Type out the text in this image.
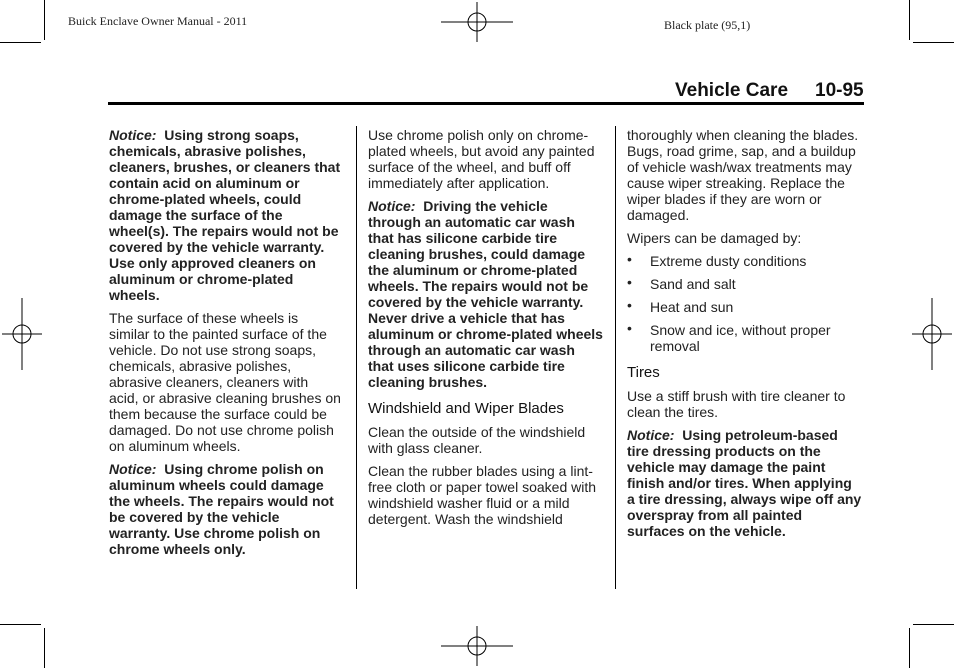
Buick Enclave Owner Manual - 2011	Black plate (95,1)
Vehicle Care 10-95

Notice: Using strong soaps, chemicals, abrasive polishes, cleaners, brushes, or cleaners that contain acid on aluminum or chrome-plated wheels, could damage the surface of the wheel(s). The repairs would not be covered by the vehicle warranty. Use only approved cleaners on aluminum or chrome-plated wheels.

The surface of these wheels is similar to the painted surface of the vehicle. Do not use strong soaps, chemicals, abrasive polishes, abrasive cleaners, cleaners with acid, or abrasive cleaning brushes on them because the surface could be damaged. Do not use chrome polish on aluminum wheels.

Notice: Using chrome polish on aluminum wheels could damage the wheels. The repairs would not be covered by the vehicle warranty. Use chrome polish on chrome wheels only.

Use chrome polish only on chrome-plated wheels, but avoid any painted surface of the wheel, and buff off immediately after application.

Notice: Driving the vehicle through an automatic car wash that has silicone carbide tire cleaning brushes, could damage the aluminum or chrome-plated wheels. The repairs would not be covered by the vehicle warranty. Never drive a vehicle that has aluminum or chrome-plated wheels through an automatic car wash that uses silicone carbide tire cleaning brushes.

Windshield and Wiper Blades

Clean the outside of the windshield with glass cleaner.

Clean the rubber blades using a lint-free cloth or paper towel soaked with windshield washer fluid or a mild detergent. Wash the windshield

thoroughly when cleaning the blades. Bugs, road grime, sap, and a buildup of vehicle wash/wax treatments may cause wiper streaking. Replace the wiper blades if they are worn or damaged.

Wipers can be damaged by:

• Extreme dusty conditions
• Sand and salt
• Heat and sun
• Snow and ice, without proper removal

Tires

Use a stiff brush with tire cleaner to clean the tires.

Notice: Using petroleum-based tire dressing products on the vehicle may damage the paint finish and/or tires. When applying a tire dressing, always wipe off any overspray from all painted surfaces on the vehicle.
